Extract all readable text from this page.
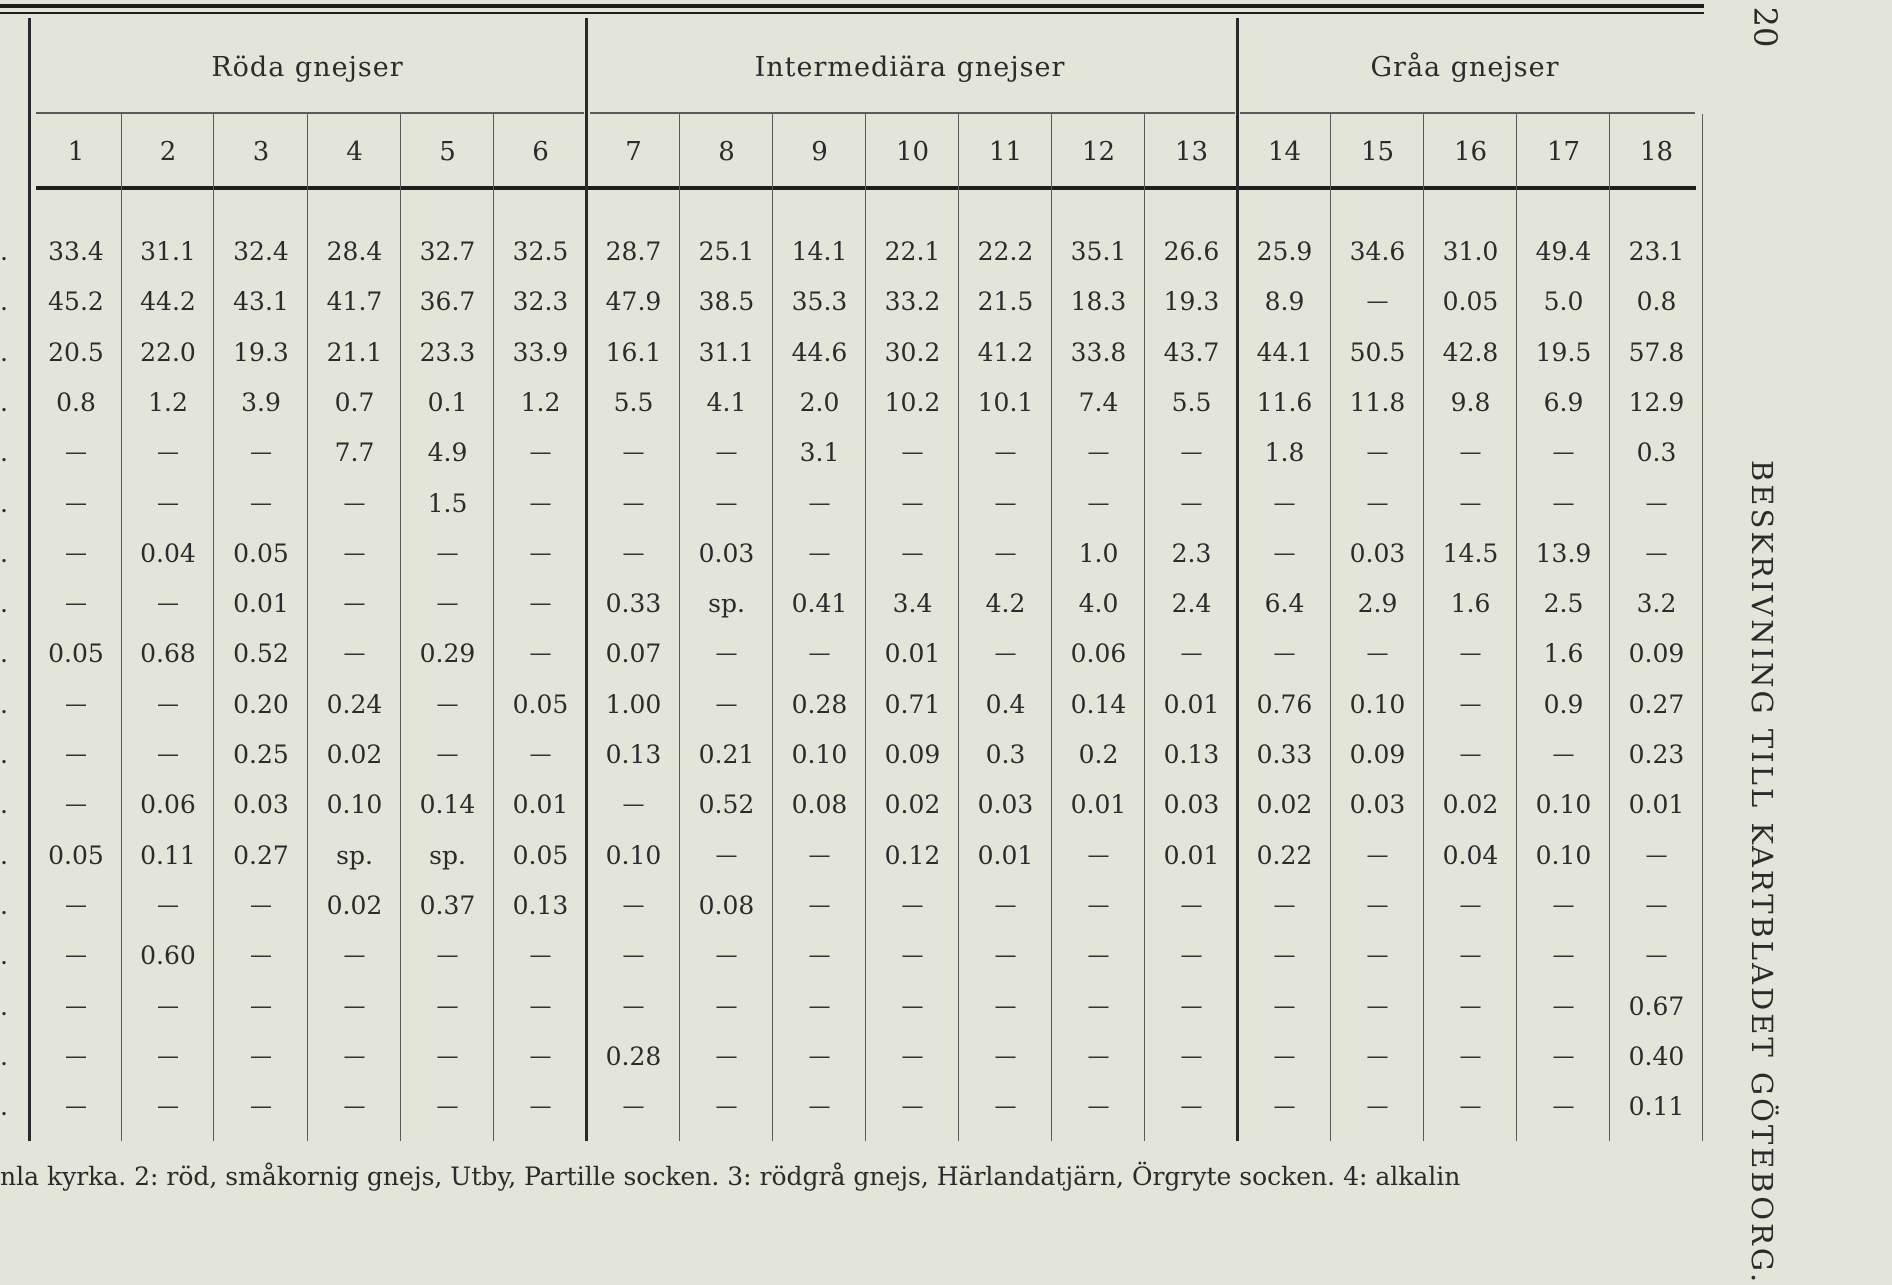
Röda gnejser	Intermediära gnejser	Gråa gnejser
1	2	3	4	5	6	7	8	9	10	11	12	13	14	15	16	17	18
.	33.4	31.1	32.4	28.4	32.7	32.5	28.7	25.1	14.1	22.1	22.2	35.1	26.6	25.9	34.6	31.0	49.4	23.1
.	45.2	44.2	43.1	41.7	36.7	32.3	47.9	38.5	35.3	33.2	21.5	18.3	19.3	8.9	—	0.05	5.0	0.8
.	20.5	22.0	19.3	21.1	23.3	33.9	16.1	31.1	44.6	30.2	41.2	33.8	43.7	44.1	50.5	42.8	19.5	57.8
.	0.8	1.2	3.9	0.7	0.1	1.2	5.5	4.1	2.0	10.2	10.1	7.4	5.5	11.6	11.8	9.8	6.9	12.9
.	—	—	—	7.7	4.9	—	—	—	3.1	—	—	—	—	1.8	—	—	—	0.3
.	—	—	—	—	1.5	—	—	—	—	—	—	—	—	—	—	—	—	—
.	—	0.04	0.05	—	—	—	—	0.03	—	—	—	1.0	2.3	—	0.03	14.5	13.9	—
.	—	—	0.01	—	—	—	0.33	sp.	0.41	3.4	4.2	4.0	2.4	6.4	2.9	1.6	2.5	3.2
.	0.05	0.68	0.52	—	0.29	—	0.07	—	—	0.01	—	0.06	—	—	—	—	1.6	0.09
.	—	—	0.20	0.24	—	0.05	1.00	—	0.28	0.71	0.4	0.14	0.01	0.76	0.10	—	0.9	0.27
.	—	—	0.25	0.02	—	—	0.13	0.21	0.10	0.09	0.3	0.2	0.13	0.33	0.09	—	—	0.23
.	—	0.06	0.03	0.10	0.14	0.01	—	0.52	0.08	0.02	0.03	0.01	0.03	0.02	0.03	0.02	0.10	0.01
.	0.05	0.11	0.27	sp.	sp.	0.05	0.10	—	—	0.12	0.01	—	0.01	0.22	—	0.04	0.10	—
.	—	—	—	0.02	0.37	0.13	—	0.08	—	—	—	—	—	—	—	—	—	—
.	—	0.60	—	—	—	—	—	—	—	—	—	—	—	—	—	—	—	—
.	—	—	—	—	—	—	—	—	—	—	—	—	—	—	—	—	—	0.67
.	—	—	—	—	—	—	0.28	—	—	—	—	—	—	—	—	—	—	0.40
.	—	—	—	—	—	—	—	—	—	—	—	—	—	—	—	—	—	0.11
20
BESKRIVNING TILL KARTBLADET GÖTEBORG.
nla kyrka. 2: röd, småkornig gnejs, Utby, Partille socken. 3: rödgrå gnejs, Härlandatjärn, Örgryte socken. 4: alkalin
